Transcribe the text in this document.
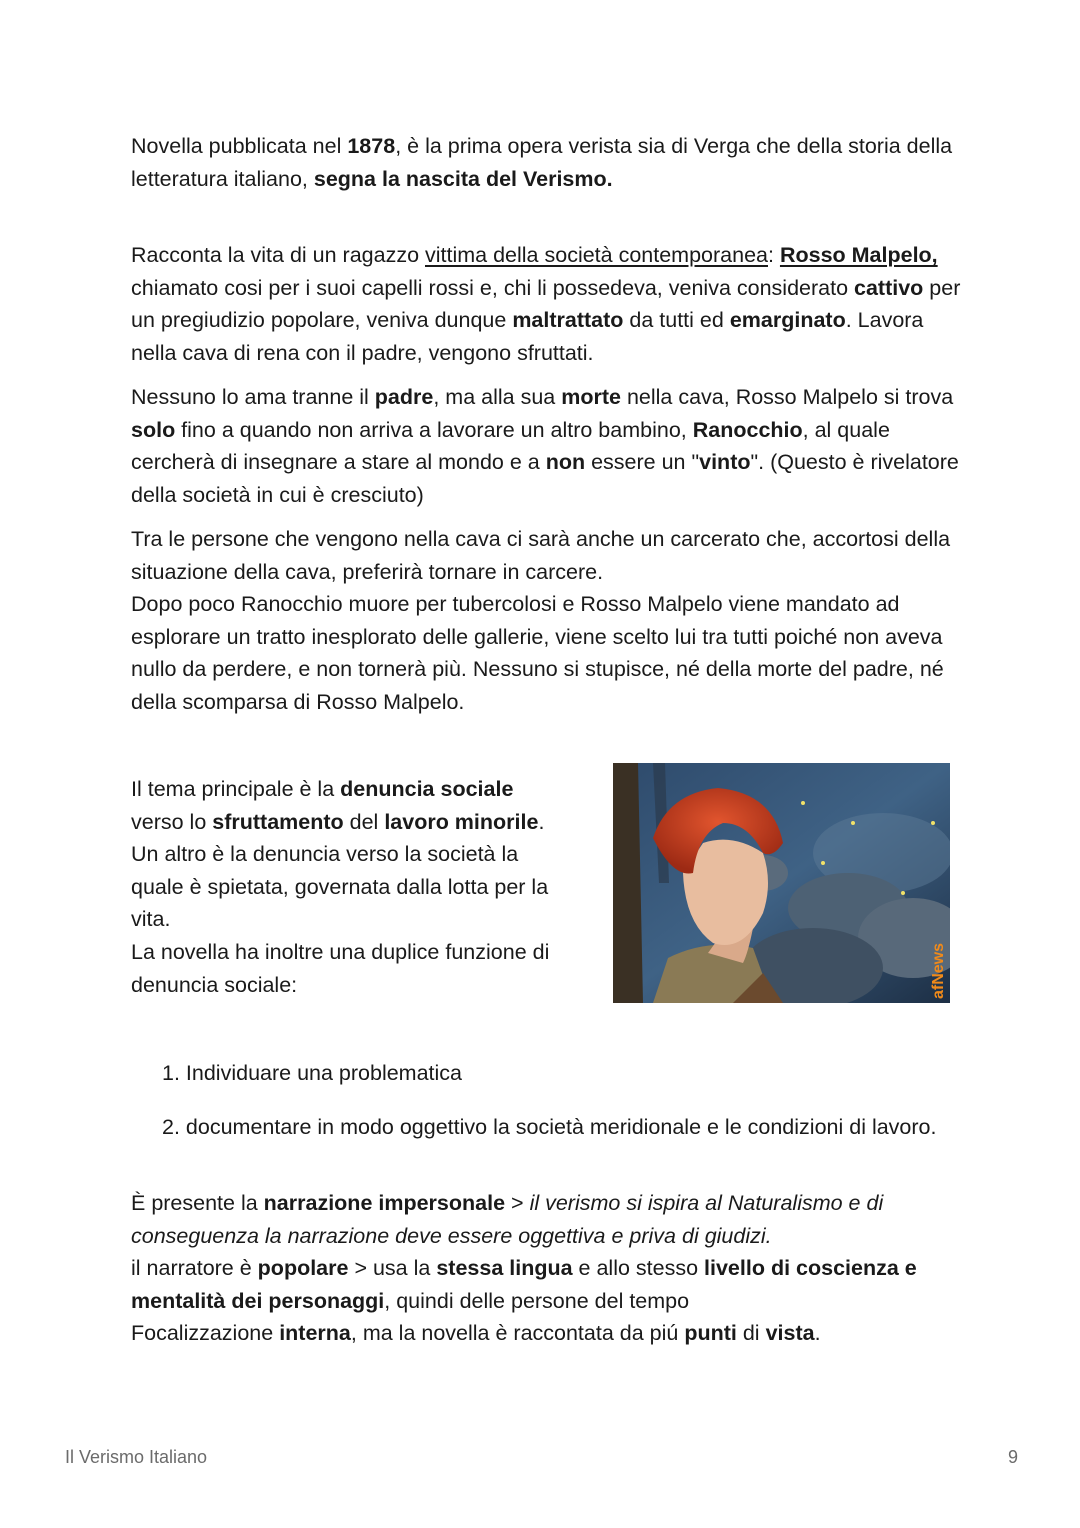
Novella pubblicata nel 1878, è la prima opera verista sia di Verga che della storia della letteratura italiano, segna la nascita del Verismo.

Racconta la vita di un ragazzo vittima della società contemporanea: Rosso Malpelo, chiamato cosi per i suoi capelli rossi e, chi li possedeva, veniva considerato cattivo per un pregiudizio popolare, veniva dunque maltrattato da tutti ed emarginato. Lavora nella cava di rena con il padre, vengono sfruttati.

Nessuno lo ama tranne il padre, ma alla sua morte nella cava, Rosso Malpelo si trova solo fino a quando non arriva a lavorare un altro bambino, Ranocchio, al quale cercherà di insegnare a stare al mondo e a non essere un "vinto". (Questo è rivelatore della società in cui è cresciuto)

Tra le persone che vengono nella cava ci sarà anche un carcerato che, accortosi della situazione della cava, preferirà tornare in carcere.
Dopo poco Ranocchio muore per tubercolosi e Rosso Malpelo viene mandato ad esplorare un tratto inesplorato delle gallerie, viene scelto lui tra tutti poiché non aveva nullo da perdere, e non tornerà più. Nessuno si stupisce, né della morte del padre, né della scomparsa di Rosso Malpelo.

Il tema principale è la denuncia sociale verso lo sfruttamento del lavoro minorile. Un altro è la denuncia verso la società la quale è spietata, governata dalla lotta per la vita.
La novella ha inoltre una duplice funzione di denuncia sociale:	afNews
1. Individuare una problematica
2. documentare in modo oggettivo la società meridionale e le condizioni di lavoro.

È presente la narrazione impersonale > il verismo si ispira al Naturalismo e di conseguenza la narrazione deve essere oggettiva e priva di giudizi.
il narratore è popolare > usa la stessa lingua e allo stesso livello di coscienza e mentalità dei personaggi, quindi delle persone del tempo
Focalizzazione interna, ma la novella è raccontata da piú punti di vista.

Il Verismo Italiano	9
